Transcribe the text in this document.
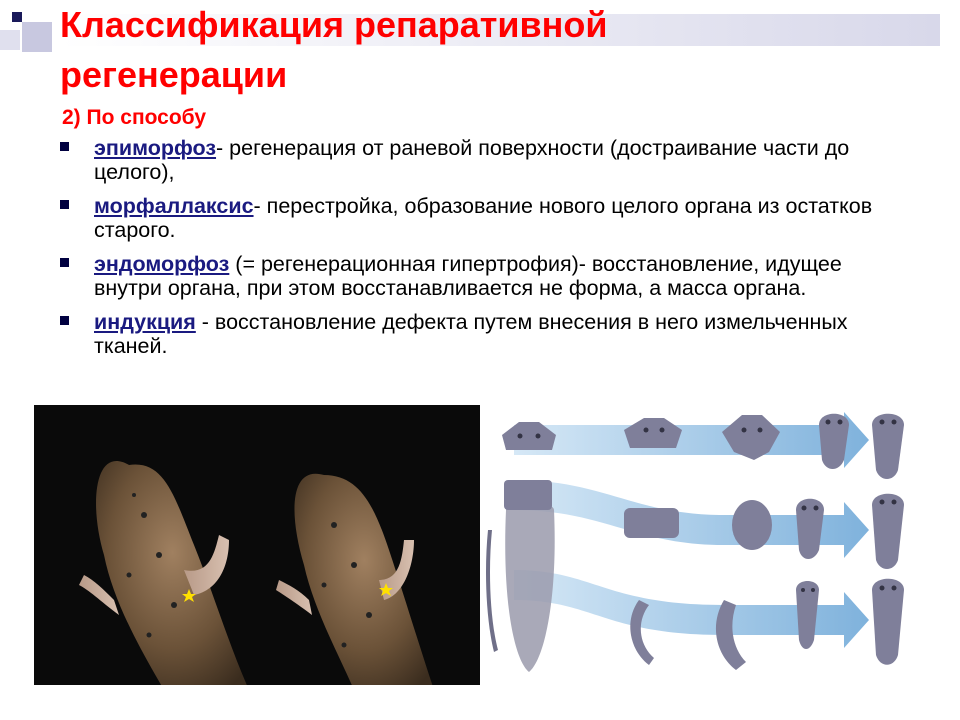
Классификация репаративной
регенерации
2) По способу
эпиморфоз- регенерация от раневой поверхности (достраивание части до целого),
морфаллаксис- перестройка, образование нового целого органа из остатков старого.
эндоморфоз (= регенерационная гипертрофия)- восстановление, идущее внутри органа, при этом восстанавливается не форма, а масса органа.
индукция - восстановление дефекта путем внесения в него измельченных тканей.
